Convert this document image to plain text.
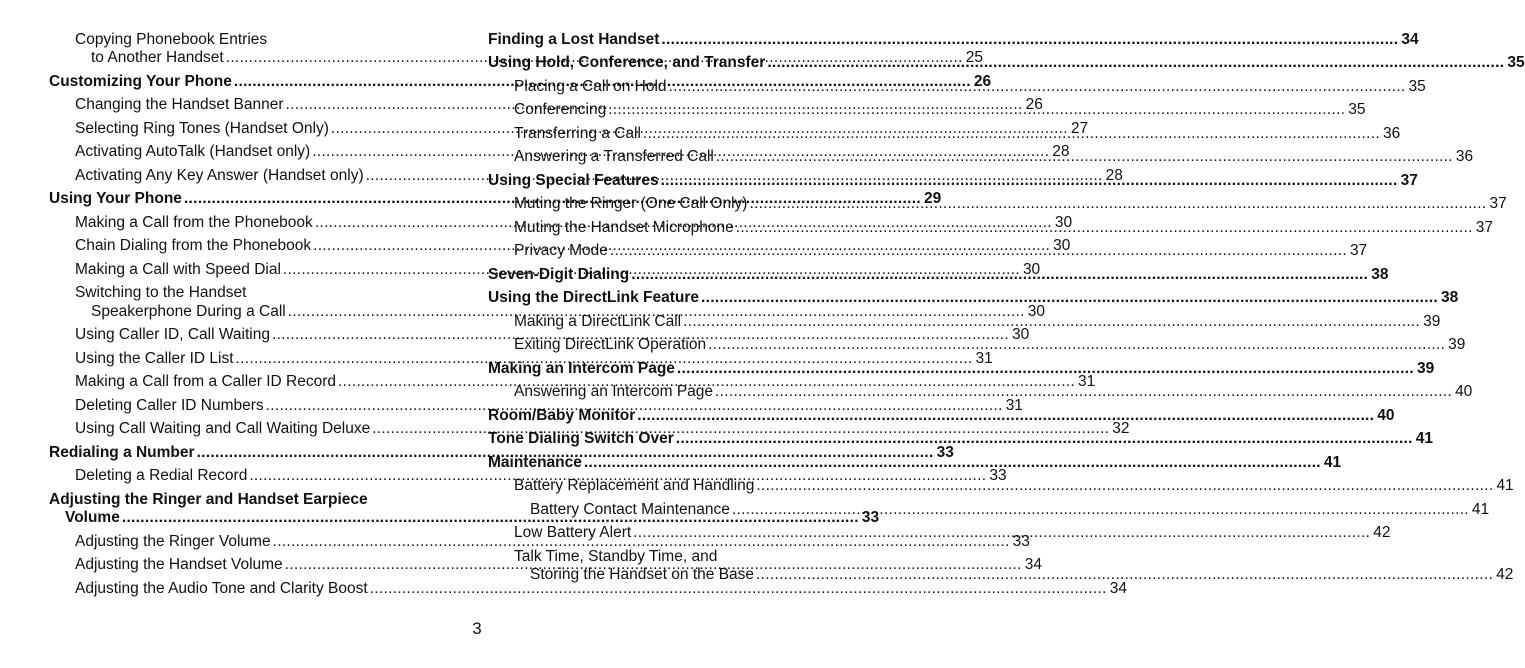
Copying Phonebook Entries
to Another Handset .....	25
Customizing Your Phone .....	26
Changing the Handset Banner .....	26
Selecting Ring Tones (Handset Only) .....	27
Activating AutoTalk (Handset only) .....	28
Activating Any Key Answer (Handset only) .....	28
Using Your Phone .....	29
Making a Call from the Phonebook .....	30
Chain Dialing from the Phonebook .....	30
Making a Call with Speed Dial .....	30
Switching to the Handset
Speakerphone During a Call .....	30
Using Caller ID, Call Waiting .....	30
Using the Caller ID List .....	31
Making a Call from a Caller ID Record .....	31
Deleting Caller ID Numbers .....	31
Using Call Waiting and Call Waiting Deluxe .....	32
Redialing a Number .....	33
Deleting a Redial Record .....	33
Adjusting the Ringer and Handset Earpiece
Volume .....	33
Adjusting the Ringer Volume .....	33
Adjusting the Handset Volume .....	34
Adjusting the Audio Tone and Clarity Boost .....	34
Finding a Lost Handset .....	34
Using Hold, Conference, and Transfer .....	35
Placing a Call on Hold .....	35
Conferencing .....	35
Transferring a Call .....	36
Answering a Transferred Call .....	36
Using Special Features .....	37
Muting the Ringer (One Call Only) .....	37
Muting the Handset Microphone .....	37
Privacy Mode .....	37
Seven-Digit Dialing .....	38
Using the DirectLink Feature .....	38
Making a DirectLink Call .....	39
Exiting DirectLink Operation .....	39
Making an Intercom Page .....	39
Answering an Intercom Page .....	40
Room/Baby Monitor .....	40
Tone Dialing Switch Over .....	41
Maintenance .....	41
Battery Replacement and Handling .....	41
Battery Contact Maintenance .....	41
Low Battery Alert .....	42
Talk Time, Standby Time, and
Storing the Handset on the Base .....	42
3
